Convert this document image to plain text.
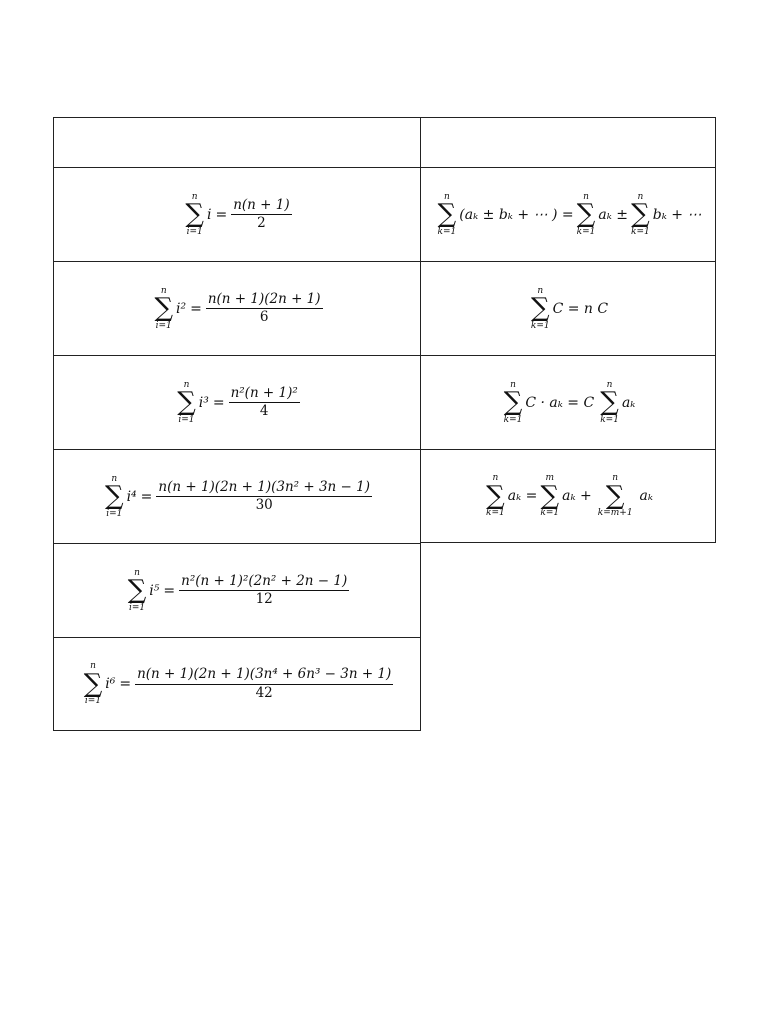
n
∑
i=1
$i = \frac{n(n + 1)}{2}$
n
∑
i=1
$i^2 = \frac{n(n + 1)(2n + 1)}{6}$
n
∑
i=1
$i^3 = \frac{\text{n²(n + 1)²}}{4}$
n
∑
i=1
$i^4 = \frac{\text{n(n + 1)(2n + 1)(3n² + 3n − 1)}}{30}$
n
∑
i=1
$i^5 = \frac{\text{n²(n + 1)²(2n² + 2n − 1)}}{12}$
n
∑
i=1
$i^6 = \frac{\text{n(n + 1)(2n + 1)(3n⁴ + 6n³ − 3n + 1)}}{42}$
n
∑
k=1
(aₖ ± bₖ + ⋯ ) =
n
∑
k=1
aₖ ±
n
∑
k=1
bₖ + ⋯
n
∑
k=1
C = n C
n
∑
k=1
C · aₖ = C
n
∑
k=1
aₖ
n
∑
k=1
aₖ =
m
∑
k=1
aₖ +
n
∑
k=m+1
aₖ
